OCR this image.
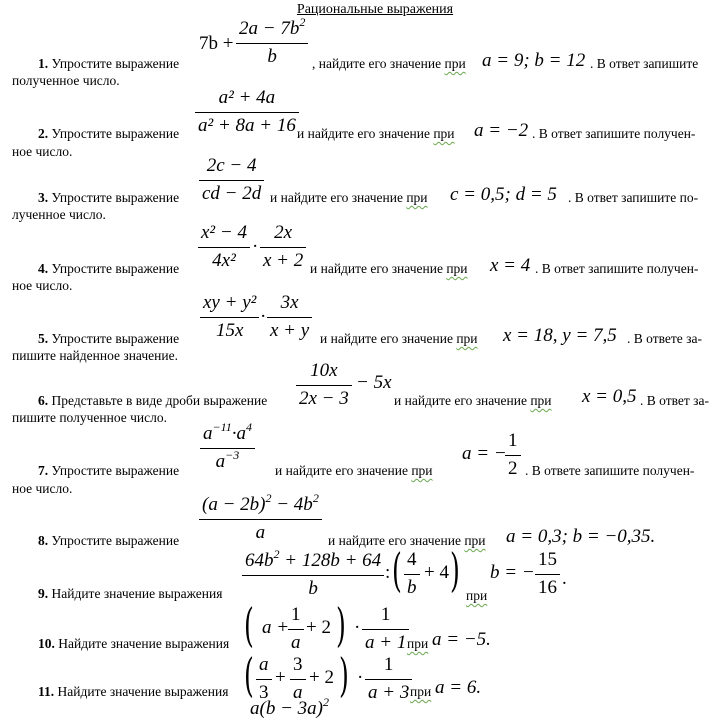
Рациональные выражения
7b +
$2a - 7b^2$
b
1. Упростите выражение	, найдите его значение при a = 9; b = 12 . В ответ запишите
полученное число.
a² + 4a
a² + 8a + 16
2. Упростите выражение	и найдите его значение при a = −2 . В ответ запишите получен-
ное число.
2c − 4
cd − 2d
3. Упростите выражение	и найдите его значение при c = 0,5; d = 5 . В ответ запишите по-
лученное число.
x² − 4
4x²
·
2x
x + 2
4. Упростите выражение	и найдите его значение при x = 4 . В ответ запишите получен-
ное число.
xy + y²
15x
·
3x
x + y
5. Упростите выражение	и найдите его значение при x = 18, y = 7,5 . В ответе за-
пишите найденное значение.
10x
2x − 3
− 5x
6. Представьте в виде дроби выражение	и найдите его значение при x = 0,5 . В ответ за-
пишите полученное число.
$a^{-11}\cdot a^4$
$a^{-3}$
7. Упростите выражение	и найдите его значение при
a = −
1
2 . В ответе запишите получен-
ное число.
$(a - 2b)^2 - 4b^2$
a
8. Упростите выражение	и найдите его значение при a = 0,3; b = −0,35.
$64b^2 + 128b + 64$
b
: ( 4
b
+ 4 )
9. Найдите значение выражения	при
b = −
15
16 .
( a +
1
a
+ 2 ) ·
1
a + 1
10. Найдите значение выражения	при a = −5.
( a
3
+
3
a
+ 2 ) ·
1
a + 3
11. Найдите значение выражения	при a = 6.
$a(b - 3a)^2$
